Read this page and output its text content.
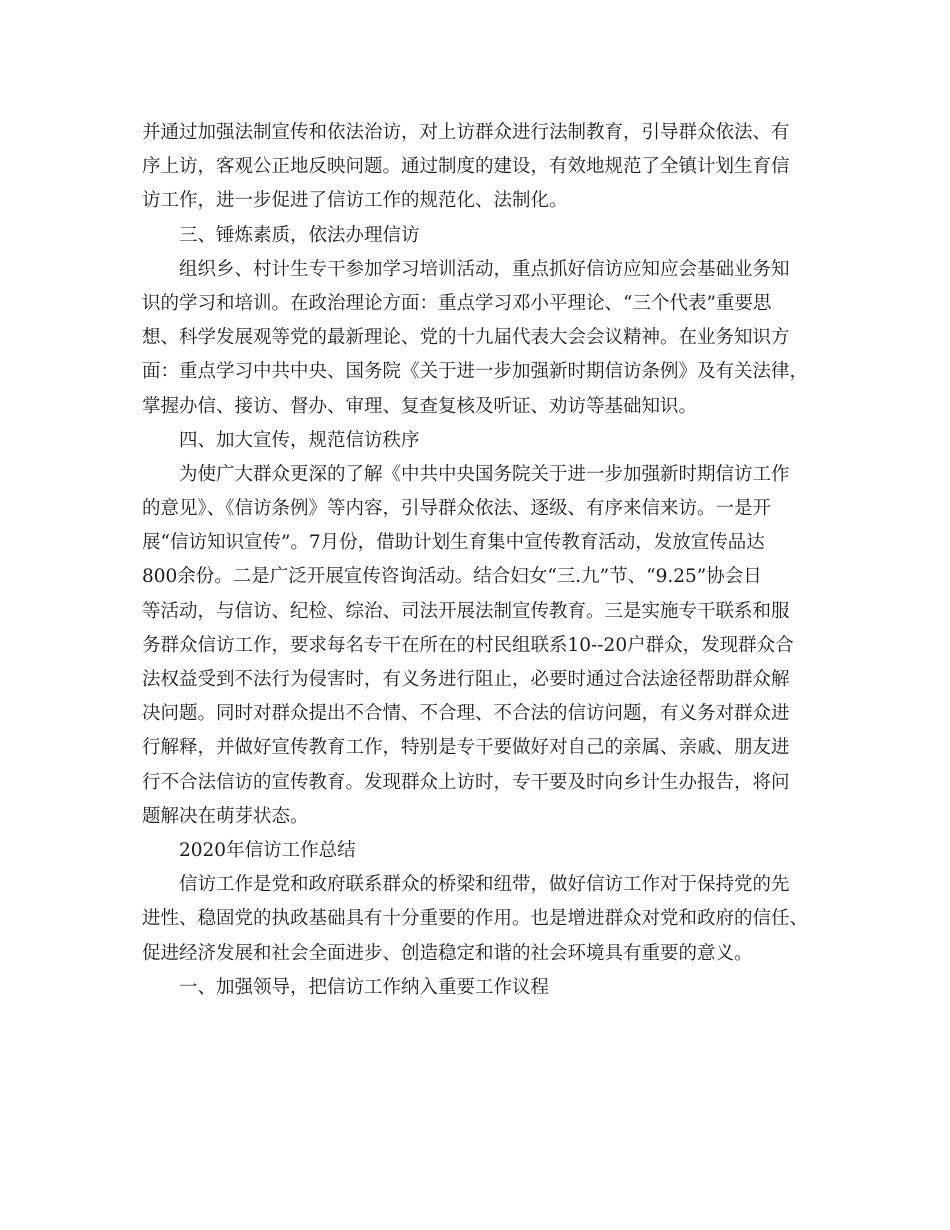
并通过加强法制宣传和依法治访，对上访群众进行法制教育，引导群众依法、有
序上访，客观公正地反映问题。通过制度的建设，有效地规范了全镇计划生育信
访工作，进一步促进了信访工作的规范化、法制化。
三、锤炼素质，依法办理信访
组织乡、村计生专干参加学习培训活动，重点抓好信访应知应会基础业务知
识的学习和培训。在政治理论方面：重点学习邓小平理论、“三个代表”重要思
想、科学发展观等党的最新理论、党的十九届代表大会会议精神。在业务知识方
面：重点学习中共中央、国务院《关于进一步加强新时期信访条例》及有关法律，
掌握办信、接访、督办、审理、复查复核及听证、劝访等基础知识。
四、加大宣传，规范信访秩序
为使广大群众更深的了解《中共中央国务院关于进一步加强新时期信访工作
的意见》、《信访条例》等内容，引导群众依法、逐级、有序来信来访。一是开
展“信访知识宣传”。7月份，借助计划生育集中宣传教育活动，发放宣传品达
800余份。二是广泛开展宣传咨询活动。结合妇女“三.九”节、“9.25”协会日
等活动，与信访、纪检、综治、司法开展法制宣传教育。三是实施专干联系和服
务群众信访工作，要求每名专干在所在的村民组联系10--20户群众，发现群众合
法权益受到不法行为侵害时，有义务进行阻止，必要时通过合法途径帮助群众解
决问题。同时对群众提出不合情、不合理、不合法的信访问题，有义务对群众进
行解释，并做好宣传教育工作，特别是专干要做好对自己的亲属、亲戚、朋友进
行不合法信访的宣传教育。发现群众上访时，专干要及时向乡计生办报告，将问
题解决在萌芽状态。
2020年信访工作总结
信访工作是党和政府联系群众的桥梁和纽带，做好信访工作对于保持党的先
进性、稳固党的执政基础具有十分重要的作用。也是增进群众对党和政府的信任、
促进经济发展和社会全面进步、创造稳定和谐的社会环境具有重要的意义。
一、加强领导，把信访工作纳入重要工作议程
